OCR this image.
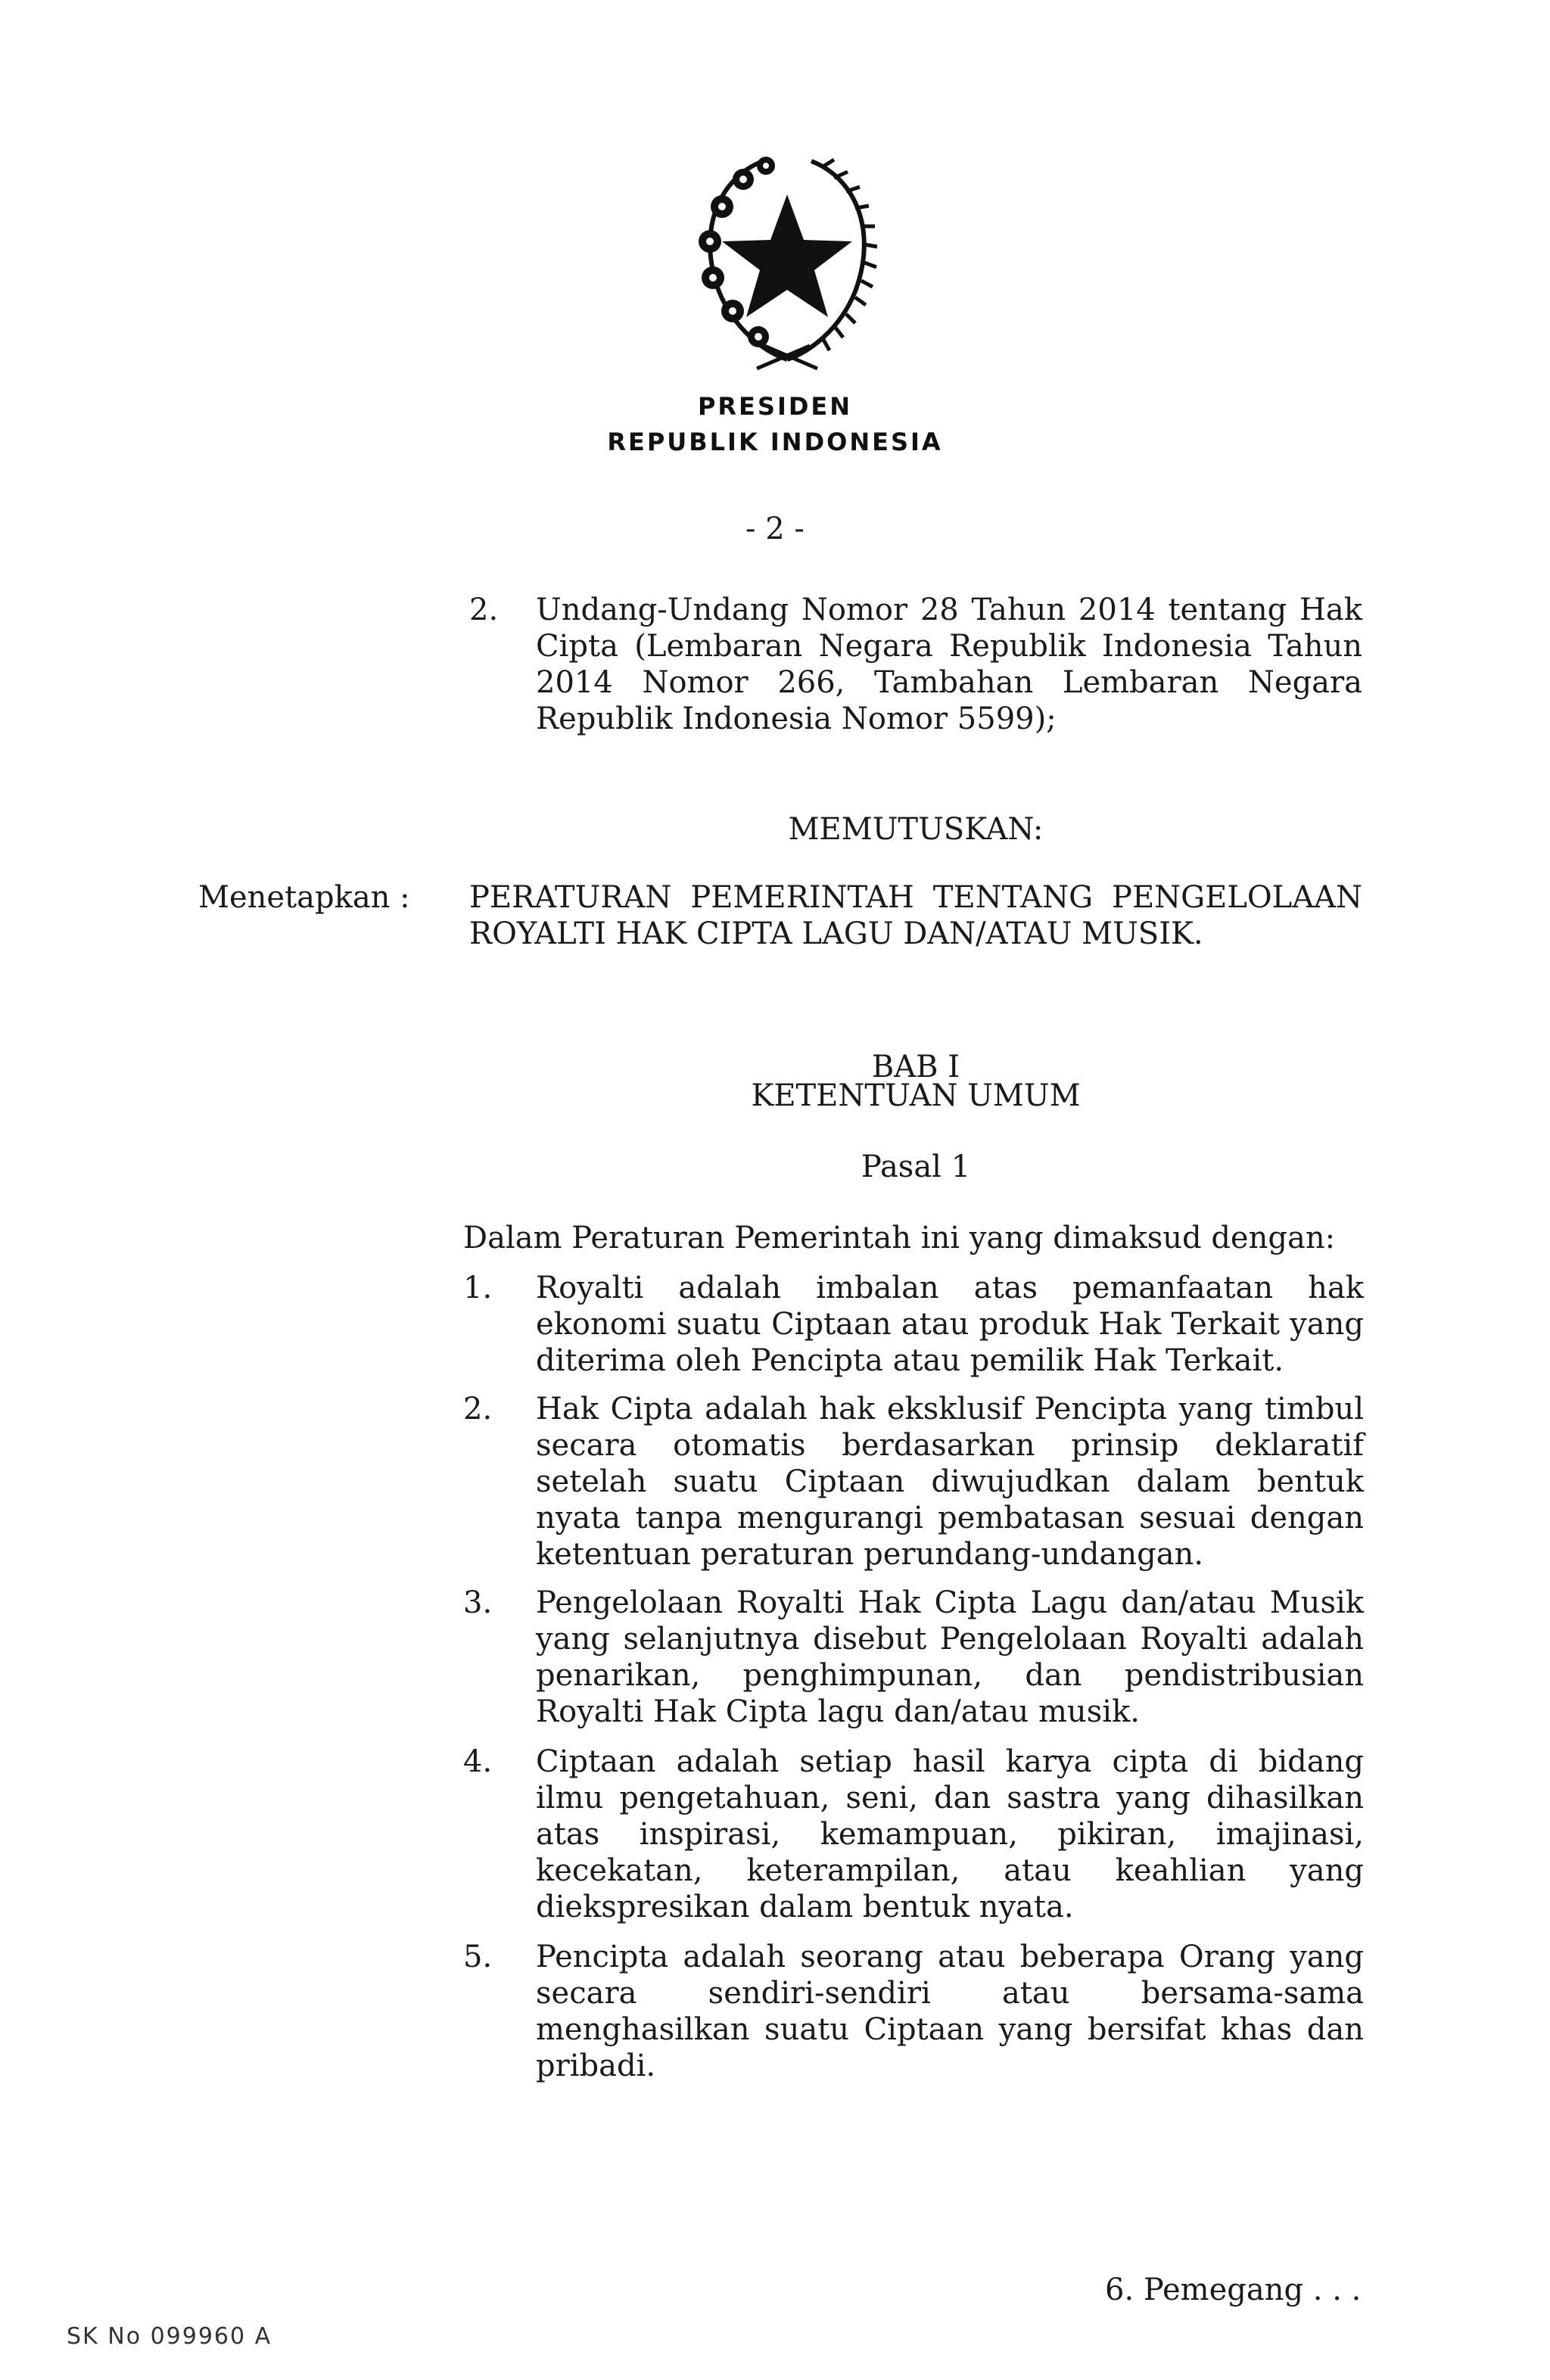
PRESIDEN
REPUBLIK INDONESIA
- 2 -
2. Undang-Undang Nomor 28 Tahun 2014 tentang Hak Cipta (Lembaran Negara Republik Indonesia Tahun 2014 Nomor 266, Tambahan Lembaran Negara Republik Indonesia Nomor 5599);
MEMUTUSKAN:
Menetapkan : PERATURAN PEMERINTAH TENTANG PENGELOLAAN ROYALTI HAK CIPTA LAGU DAN/ATAU MUSIK.
BAB I
KETENTUAN UMUM
Pasal 1
Dalam Peraturan Pemerintah ini yang dimaksud dengan:
1. Royalti adalah imbalan atas pemanfaatan hak ekonomi suatu Ciptaan atau produk Hak Terkait yang diterima oleh Pencipta atau pemilik Hak Terkait.
2. Hak Cipta adalah hak eksklusif Pencipta yang timbul secara otomatis berdasarkan prinsip deklaratif setelah suatu Ciptaan diwujudkan dalam bentuk nyata tanpa mengurangi pembatasan sesuai dengan ketentuan peraturan perundang-undangan.
3. Pengelolaan Royalti Hak Cipta Lagu dan/atau Musik yang selanjutnya disebut Pengelolaan Royalti adalah penarikan, penghimpunan, dan pendistribusian Royalti Hak Cipta lagu dan/atau musik.
4. Ciptaan adalah setiap hasil karya cipta di bidang ilmu pengetahuan, seni, dan sastra yang dihasilkan atas inspirasi, kemampuan, pikiran, imajinasi, kecekatan, keterampilan, atau keahlian yang diekspresikan dalam bentuk nyata.
5. Pencipta adalah seorang atau beberapa Orang yang secara sendiri-sendiri atau bersama-sama menghasilkan suatu Ciptaan yang bersifat khas dan pribadi.
6. Pemegang . . .
SK No 099960 A
